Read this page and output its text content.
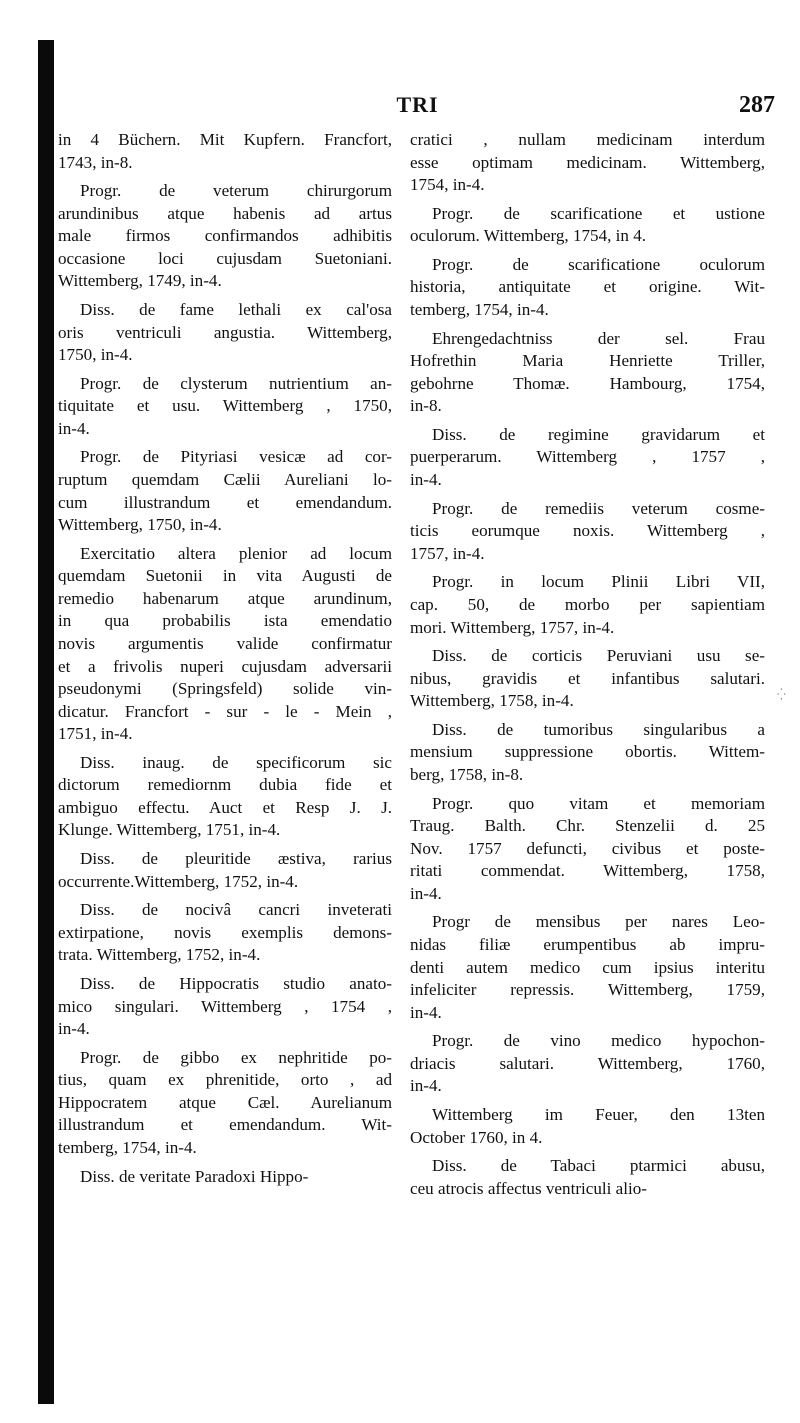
TRI	287
in 4 Büchern. Mit Kupfern. Francfort,
1743, in-8.
Progr. de veterum chirurgorum
arundinibus atque habenis ad artus
male firmos confirmandos adhibitis
occasione loci cujusdam Suetoniani.
Wittemberg, 1749, in-4.
Diss. de fame lethali ex cal'osa
oris ventriculi angustia. Wittemberg,
1750, in-4.
Progr. de clysterum nutrientium an-
tiquitate et usu. Wittemberg , 1750,
in-4.
Progr. de Pityriasi vesicæ ad cor-
ruptum quemdam Cælii Aureliani lo-
cum illustrandum et emendandum.
Wittemberg, 1750, in-4.
Exercitatio altera plenior ad locum
quemdam Suetonii in vita Augusti de
remedio habenarum atque arundinum,
in qua probabilis ista emendatio
novis argumentis valide confirmatur
et a frivolis nuperi cujusdam adversarii
pseudonymi (Springsfeld) solide vin-
dicatur. Francfort - sur - le - Mein ,
1751, in-4.
Diss. inaug. de specificorum sic
dictorum remediornm dubia fide et
ambiguo effectu. Auct et Resp J. J.
Klunge. Wittemberg, 1751, in-4.
Diss. de pleuritide æstiva, rarius
occurrente.Wittemberg, 1752, in-4.
Diss. de nocivâ cancri inveterati
extirpatione, novis exemplis demons-
trata. Wittemberg, 1752, in-4.
Diss. de Hippocratis studio anato-
mico singulari. Wittemberg , 1754 ,
in-4.
Progr. de gibbo ex nephritide po-
tius, quam ex phrenitide, orto , ad
Hippocratem atque Cæl. Aurelianum
illustrandum et emendandum. Wit-
temberg, 1754, in-4.
Diss. de veritate Paradoxi Hippo-
cratici , nullam medicinam interdum
esse optimam medicinam. Wittemberg,
1754, in-4.
Progr. de scarificatione et ustione
oculorum. Wittemberg, 1754, in 4.
Progr. de scarificatione oculorum
historia, antiquitate et origine. Wit-
temberg, 1754, in-4.
Ehrengedachtniss der sel. Frau
Hofrethin Maria Henriette Triller,
gebohrne Thomæ. Hambourg, 1754,
in-8.
Diss. de regimine gravidarum et
puerperarum. Wittemberg , 1757 ,
in-4.
Progr. de remediis veterum cosme-
ticis eorumque noxis. Wittemberg ,
1757, in-4.
Progr. in locum Plinii Libri VII,
cap. 50, de morbo per sapientiam
mori. Wittemberg, 1757, in-4.
Diss. de corticis Peruviani usu se-
nibus, gravidis et infantibus salutari.
Wittemberg, 1758, in-4.
Diss. de tumoribus singularibus a
mensium suppressione obortis. Wittem-
berg, 1758, in-8.
Progr. quo vitam et memoriam
Traug. Balth. Chr. Stenzelii d. 25
Nov. 1757 defuncti, civibus et poste-
ritati commendat. Wittemberg, 1758,
in-4.
Progr de mensibus per nares Leo-
nidas filiæ erumpentibus ab impru-
denti autem medico cum ipsius interitu
infeliciter repressis. Wittemberg, 1759,
in-4.
Progr. de vino medico hypochon-
driacis salutari. Wittemberg, 1760,
in-4.
Wittemberg im Feuer, den 13ten
October 1760, in 4.
Diss. de Tabaci ptarmici abusu,
ceu atrocis affectus ventriculi alio-
⁛
